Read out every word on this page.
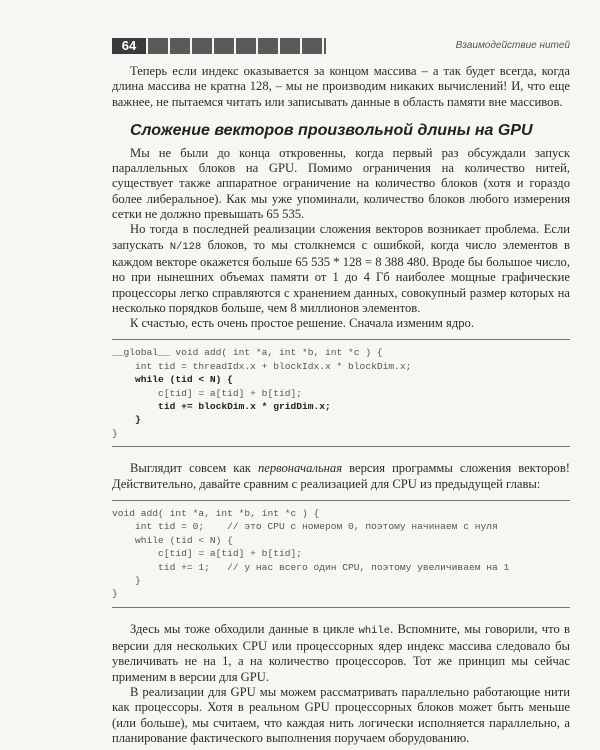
64	Взаимодействие нитей

Теперь если индекс оказывается за концом массива – а так будет всегда, когда длина массива не кратна 128, – мы не производим никаких вычислений! И, что еще важнее, не пытаемся читать или записывать данные в область памяти вне массивов.

Сложение векторов произвольной длины на GPU

Мы не были до конца откровенны, когда первый раз обсуждали запуск параллельных блоков на GPU. Помимо ограничения на количество нитей, существует также аппаратное ограничение на количество блоков (хотя и гораздо более либеральное). Как мы уже упоминали, количество блоков любого измерения сетки не должно превышать 65 535.

Но тогда в последней реализации сложения векторов возникает проблема. Если запускать N/128 блоков, то мы столкнемся с ошибкой, когда число элементов в каждом векторе окажется больше 65 535 * 128 = 8 388 480. Вроде бы большое число, но при нынешних объемах памяти от 1 до 4 Гб наиболее мощные графические процессоры легко справляются с хранением данных, совокупный размер которых на несколько порядков больше, чем 8 миллионов элементов.

К счастью, есть очень простое решение. Сначала изменим ядро.

__global__ void add( int *a, int *b, int *c ) {
int tid = threadIdx.x + blockIdx.x * blockDim.x;
while (tid < N) {
c[tid] = a[tid] + b[tid];
tid += blockDim.x * gridDim.x;
}
}

Выглядит совсем как первоначальная версия программы сложения векторов! Действительно, давайте сравним с реализацией для CPU из предыдущей главы:

void add( int *a, int *b, int *c ) {
int tid = 0;    // это CPU с номером 0, поэтому начинаем с нуля
while (tid < N) {
c[tid] = a[tid] + b[tid];
tid += 1;   // у нас всего один CPU, поэтому увеличиваем на 1
}
}

Здесь мы тоже обходили данные в цикле while. Вспомните, мы говорили, что в версии для нескольких CPU или процессорных ядер индекс массива следовало бы увеличивать не на 1, а на количество процессоров. Тот же принцип мы сейчас применим в версии для GPU.

В реализации для GPU мы можем рассматривать параллельно работающие нити как процессоры. Хотя в реальном GPU процессорных блоков может быть меньше (или больше), мы считаем, что каждая нить логически исполняется параллельно, а планирование фактического выполнения поручаем оборудованию.
